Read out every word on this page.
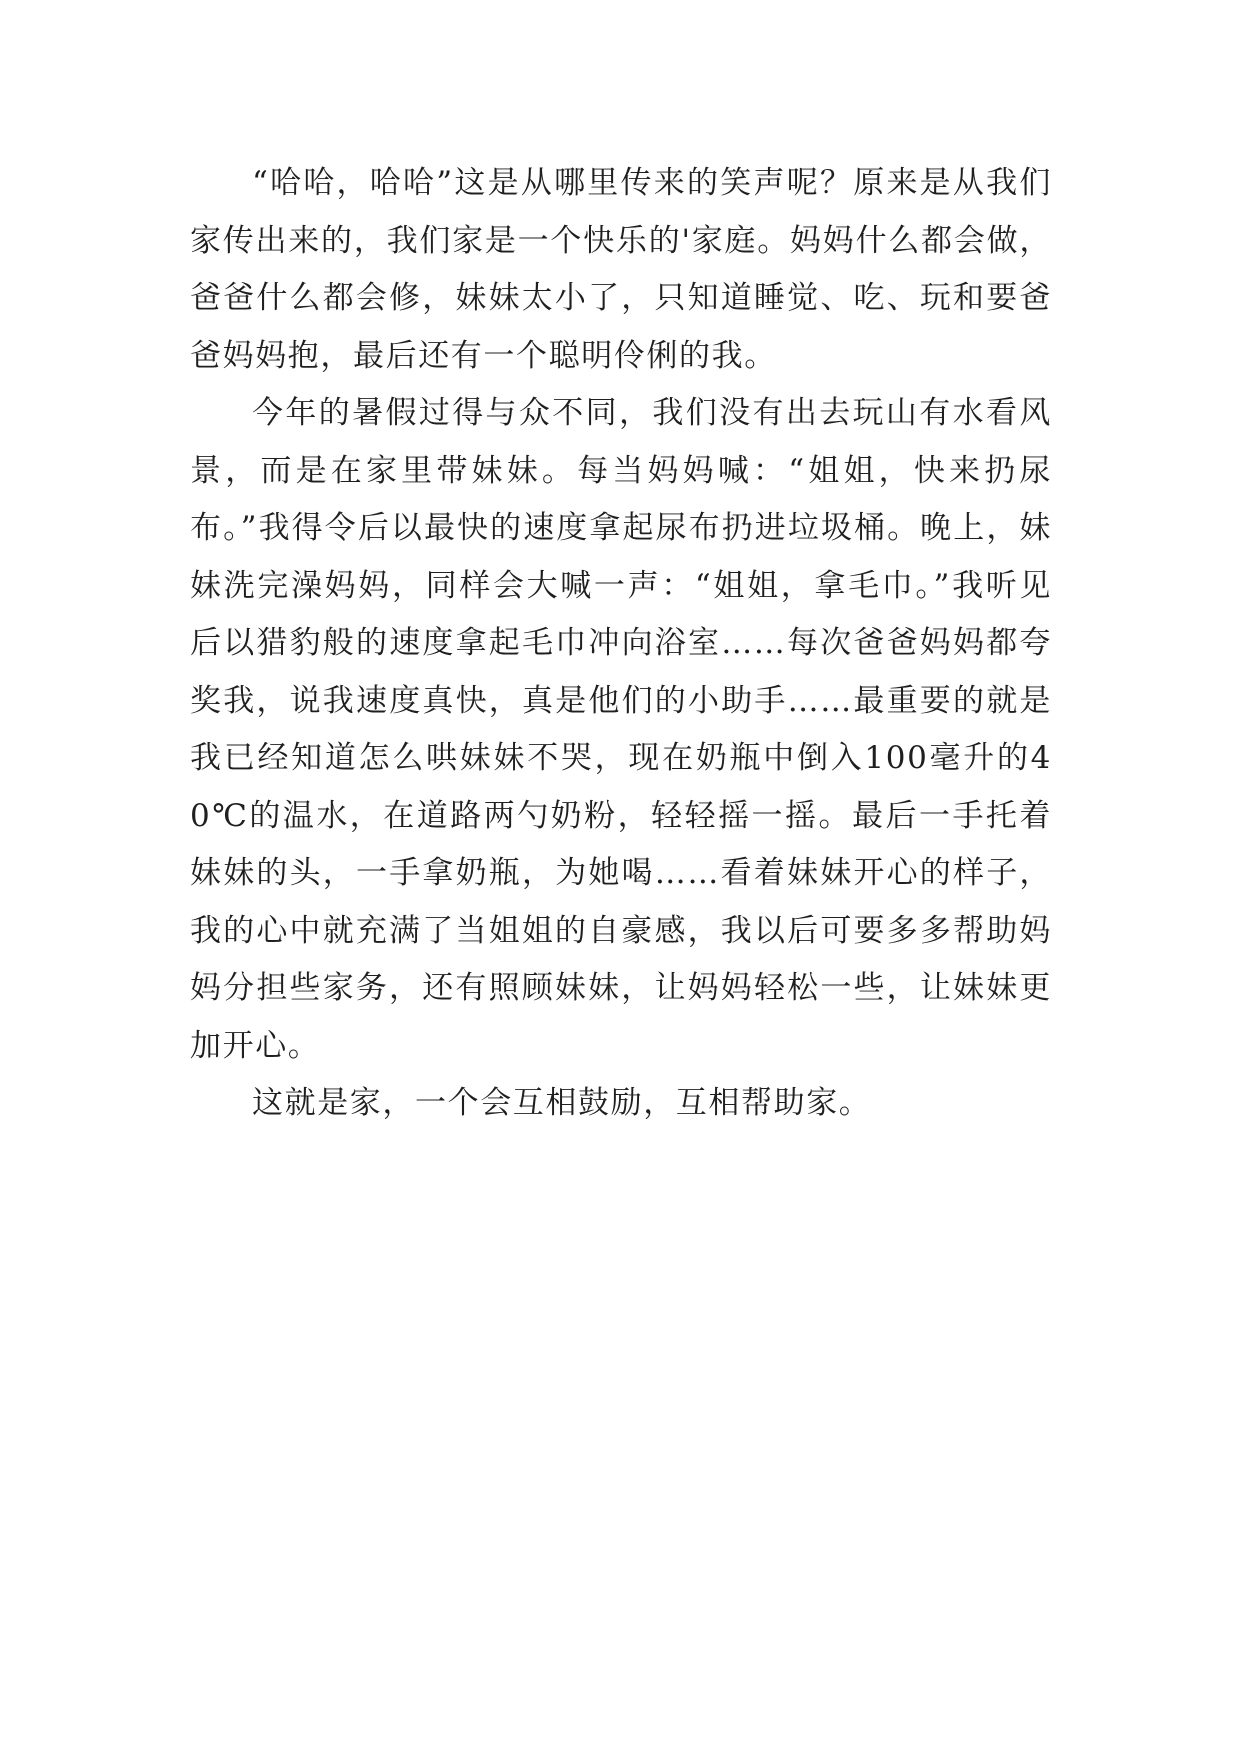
“哈哈，哈哈”这是从哪里传来的笑声呢？原来是从我们家传出来的，我们家是一个快乐的'家庭。妈妈什么都会做，爸爸什么都会修，妹妹太小了，只知道睡觉、吃、玩和要爸爸妈妈抱，最后还有一个聪明伶俐的我。

今年的暑假过得与众不同，我们没有出去玩山有水看风景，而是在家里带妹妹。每当妈妈喊：“姐姐，快来扔尿布。”我得令后以最快的速度拿起尿布扔进垃圾桶。晚上，妹妹洗完澡妈妈，同样会大喊一声：“姐姐，拿毛巾。”我听见后以猎豹般的速度拿起毛巾冲向浴室……每次爸爸妈妈都夸奖我，说我速度真快，真是他们的小助手……最重要的就是我已经知道怎么哄妹妹不哭，现在奶瓶中倒入100毫升的40℃的温水，在道路两勺奶粉，轻轻摇一摇。最后一手托着妹妹的头，一手拿奶瓶，为她喝……看着妹妹开心的样子，我的心中就充满了当姐姐的自豪感，我以后可要多多帮助妈妈分担些家务，还有照顾妹妹，让妈妈轻松一些，让妹妹更加开心。

这就是家，一个会互相鼓励，互相帮助家。
